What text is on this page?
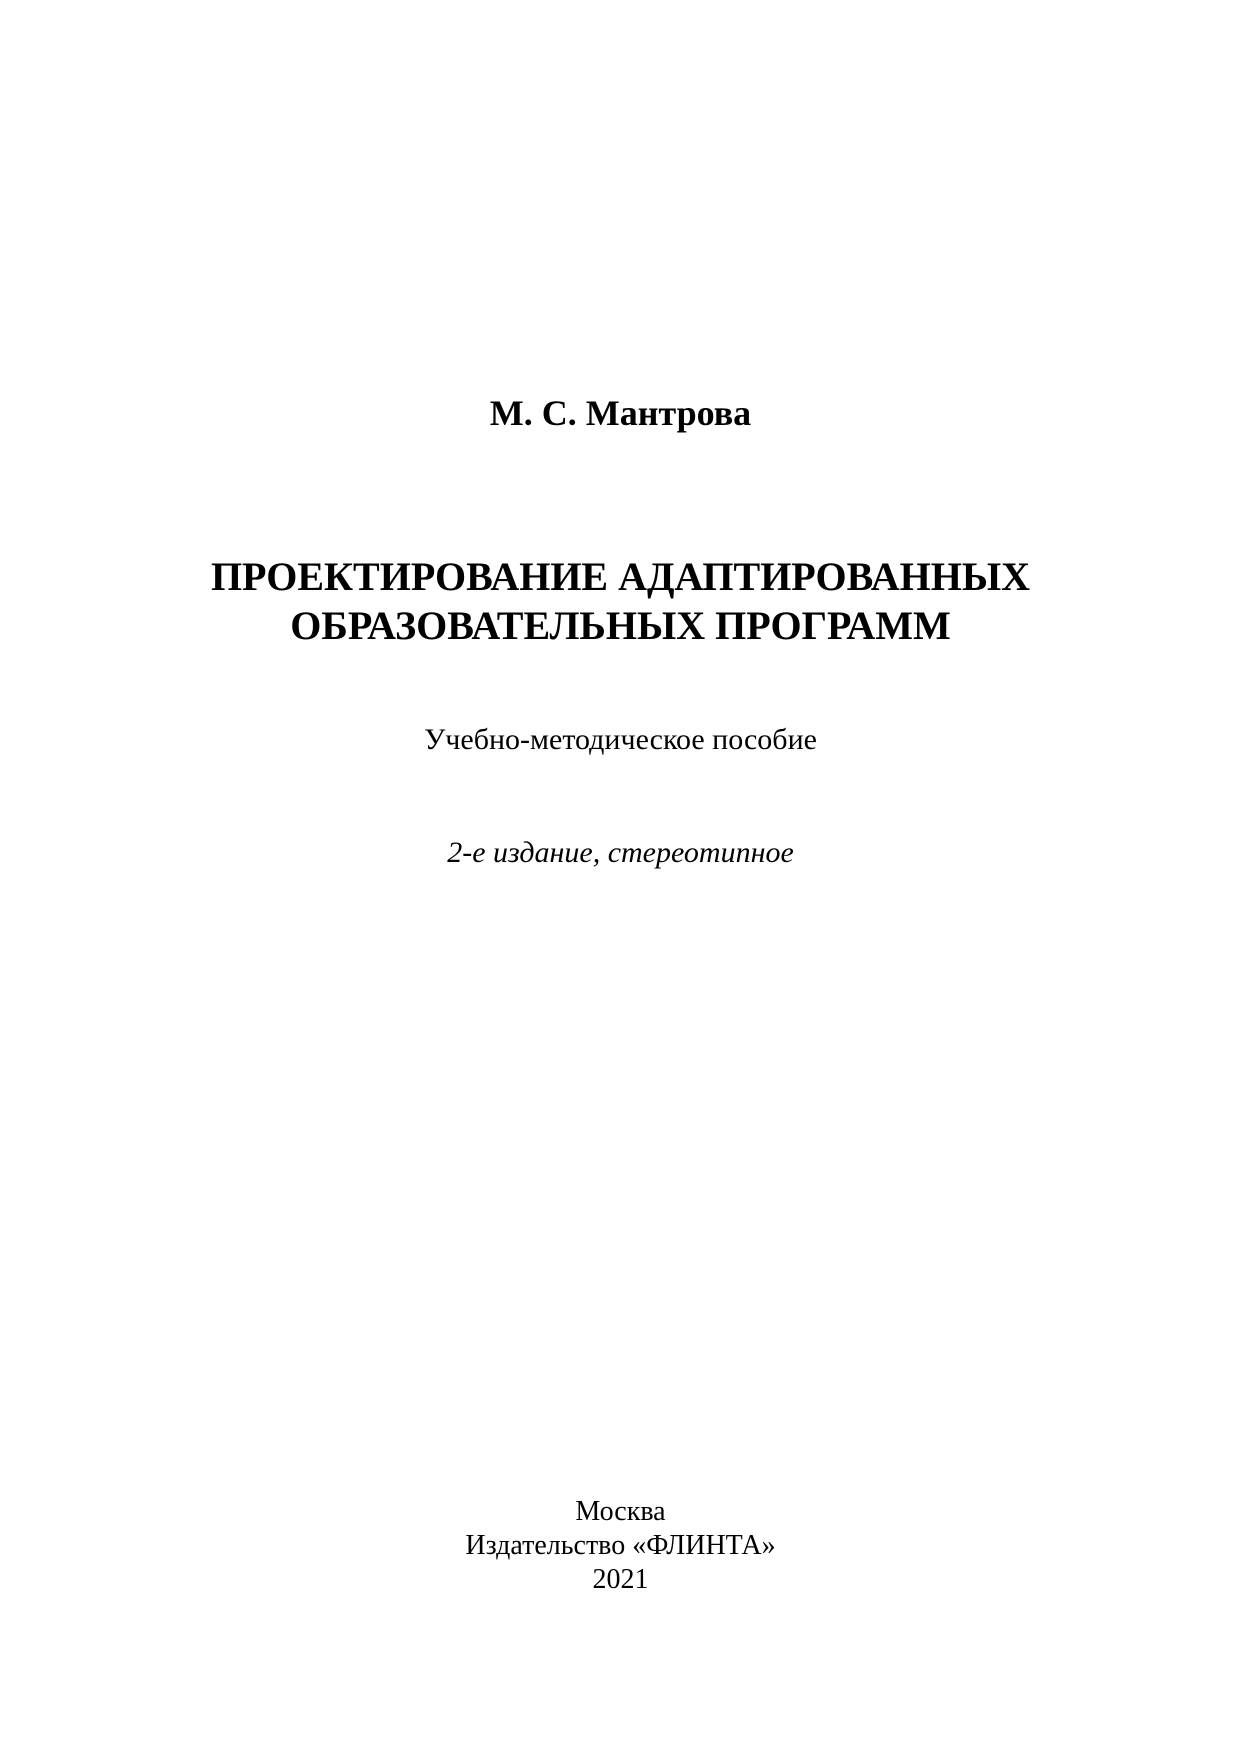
М. С. Мантрова
ПРОЕКТИРОВАНИЕ АДАПТИРОВАННЫХ
ОБРАЗОВАТЕЛЬНЫХ ПРОГРАММ
Учебно-методическое пособие
2-е издание, стереотипное
Москва
Издательство «ФЛИНТА»
2021
